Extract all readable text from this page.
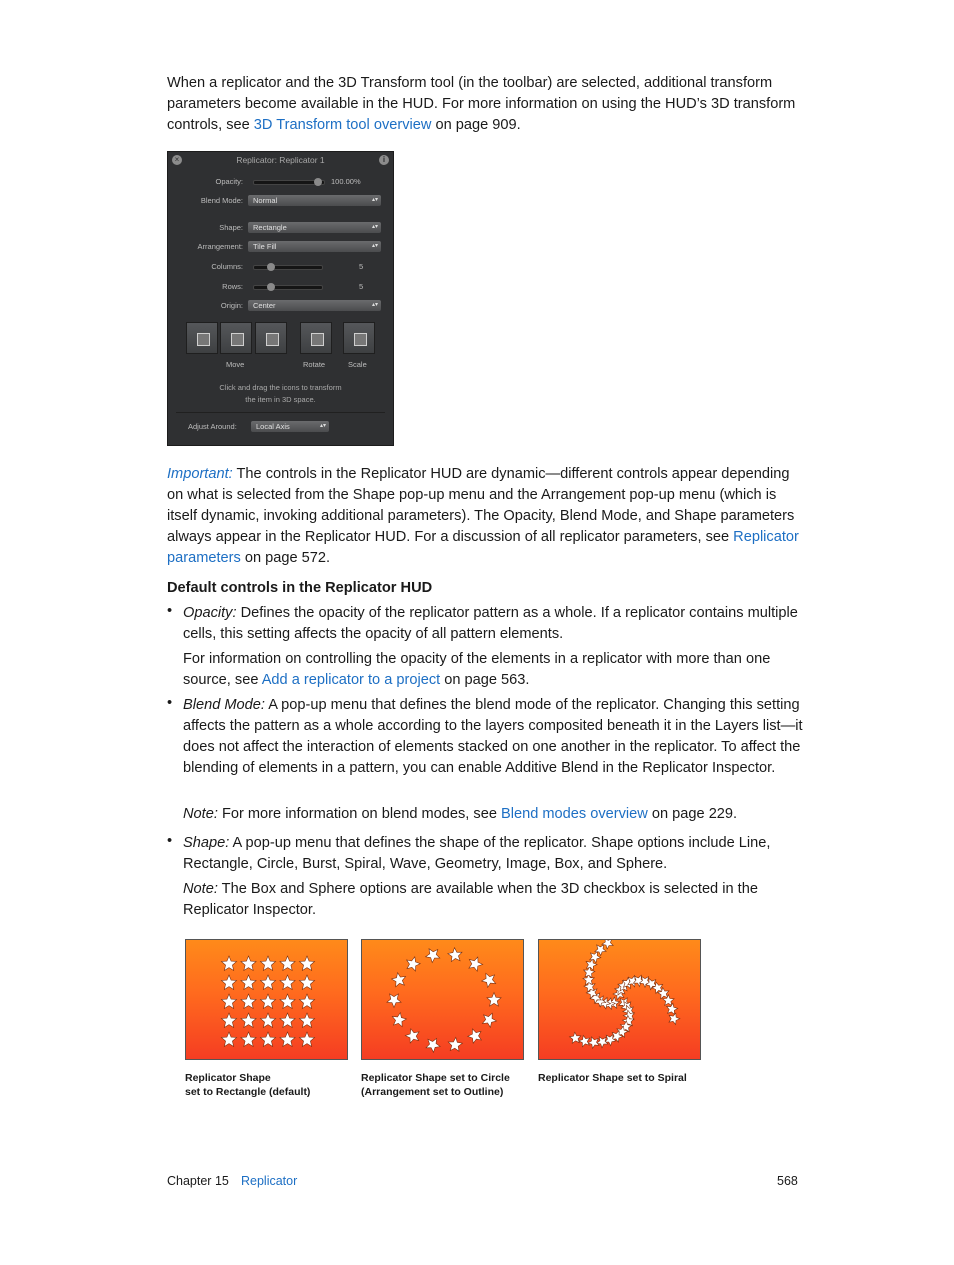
When a replicator and the 3D Transform tool (in the toolbar) are selected, additional transform parameters become available in the HUD. For more information on using the HUD’s 3D transform controls, see 3D Transform tool overview on page 909.
×	Replicator: Replicator 1	i
Opacity:	100.00%
Blend Mode:	Normal	▴▾
Shape:	Rectangle	▴▾
Arrangement:	Tile Fill	▴▾
Columns:	5
Rows:	5
Origin:	Center	▴▾
Move	Rotate	Scale
Click and drag the icons to transform
the item in 3D space.
Adjust Around:	Local Axis	▴▾
Important: The controls in the Replicator HUD are dynamic—different controls appear depending on what is selected from the Shape pop-up menu and the Arrangement pop-up menu (which is itself dynamic, invoking additional parameters). The Opacity, Blend Mode, and Shape parameters always appear in the Replicator HUD. For a discussion of all replicator parameters, see Replicator parameters on page 572.
Default controls in the Replicator HUD
• Opacity: Defines the opacity of the replicator pattern as a whole. If a replicator contains multiple cells, this setting affects the opacity of all pattern elements.
For information on controlling the opacity of the elements in a replicator with more than one source, see Add a replicator to a project on page 563.
• Blend Mode: A pop-up menu that defines the blend mode of the replicator. Changing this setting affects the pattern as a whole according to the layers composited beneath it in the Layers list—it does not affect the interaction of elements stacked on one another in the replicator. To affect the blending of elements in a pattern, you can enable Additive Blend in the Replicator Inspector.
Note: For more information on blend modes, see Blend modes overview on page 229.
• Shape: A pop-up menu that defines the shape of the replicator. Shape options include Line, Rectangle, Circle, Burst, Spiral, Wave, Geometry, Image, Box, and Sphere.
Note: The Box and Sphere options are available when the 3D checkbox is selected in the Replicator Inspector.
Replicator Shape
set to Rectangle (default)
Replicator Shape set to Circle
(Arrangement set to Outline)
Replicator Shape set to Spiral
Chapter 15 Replicator	568
